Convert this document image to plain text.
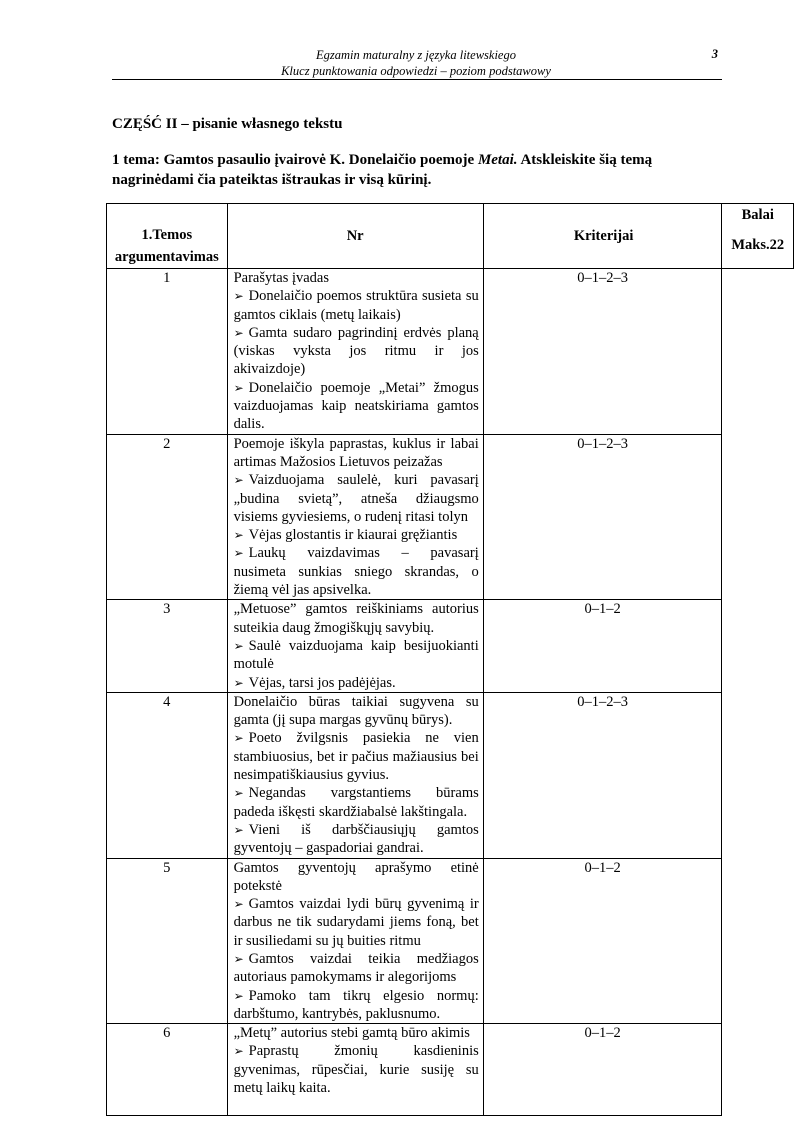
Egzamin maturalny z języka litewskiego
Klucz punktowania odpowiedzi – poziom podstawowy
3
CZĘŚĆ II – pisanie własnego tekstu
1 tema: Gamtos pasaulio įvairovė K. Donelaičio poemoje Metai. Atskleiskite šią temą nagrinėdami čia pateiktas ištraukas ir visą kūrinį.
1.Temos argumentavimas	Nr	Kriterijai	Balai
Maks.22

1	Parašytas įvadas
➢ Donelaičio poemos struktūra susieta su gamtos ciklais (metų laikais)
➢ Gamta sudaro pagrindinį erdvės planą (viskas vyksta jos ritmu ir jos akivaizdoje)
➢ Donelaičio poemoje „Metai” žmogus vaizduojamas kaip neatskiriama gamtos dalis.	0–1–2–3	
2	Poemoje iškyla paprastas, kuklus ir labai artimas Mažosios Lietuvos peizažas
➢ Vaizduojama saulelė, kuri pavasarį „budina svietą”, atneša džiaugsmo visiems gyviesiems, o rudenį ritasi tolyn
➢ Vėjas glostantis ir kiaurai gręžiantis
➢ Laukų vaizdavimas – pavasarį nusimeta sunkias sniego skrandas, o žiemą vėl jas apsivelka.	0–1–2–3	
3	„Metuose” gamtos reiškiniams autorius suteikia daug žmogiškųjų savybių.
➢ Saulė vaizduojama kaip besijuokianti motulė
➢ Vėjas, tarsi jos padėjėjas.	0–1–2	
4	Donelaičio būras taikiai sugyvena su gamta (jį supa margas gyvūnų būrys).
➢ Poeto žvilgsnis pasiekia ne vien stambiuosius, bet ir pačius mažiausius bei nesimpatiškiausius gyvius.
➢ Negandas vargstantiems būrams padeda iškęsti skardžiabalsė lakštingala.
➢ Vieni iš darbščiausiųjų gamtos gyventojų – gaspadoriai gandrai.	0–1–2–3	
5	Gamtos gyventojų aprašymo etinė potekstė
➢ Gamtos vaizdai lydi būrų gyvenimą ir darbus ne tik sudarydami jiems foną, bet ir susiliedami su jų buities ritmu
➢ Gamtos vaizdai teikia medžiagos autoriaus pamokymams ir alegorijoms
➢ Pamoko tam tikrų elgesio normų: darbštumo, kantrybės, paklusnumo.	0–1–2	
6	„Metų” autorius stebi gamtą būro akimis
➢ Paprastų žmonių kasdieninis gyvenimas, rūpesčiai, kurie susiję su metų laikų kaita.	0–1–2	
